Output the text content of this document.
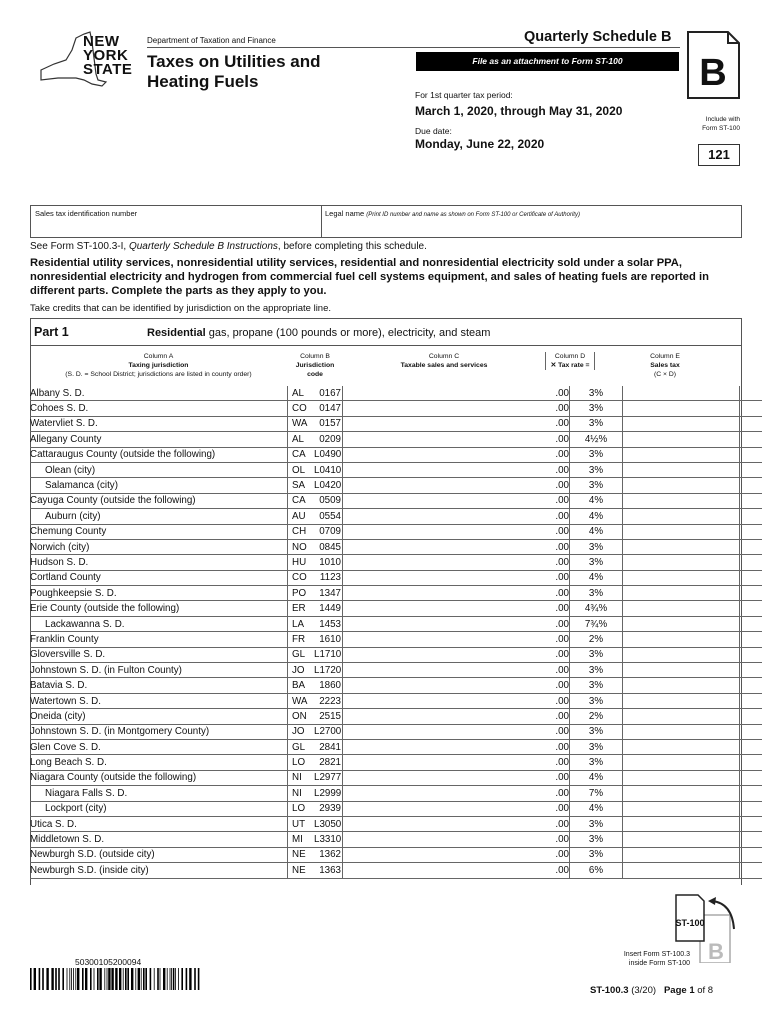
NEW
YORK
STATE
Department of Taxation and Finance
Taxes on Utilities and
Heating Fuels
Quarterly Schedule B
File as an attachment to Form ST-100	B
For 1st quarter tax period:
March 1, 2020, through May 31, 2020
Due date:
Monday, June 22, 2020
Include with
Form ST-100
121
Sales tax identification number	Legal name (Print ID number and name as shown on Form ST-100 or Certificate of Authority)
See Form ST-100.3-I, Quarterly Schedule B Instructions, before completing this schedule.
Residential utility services, nonresidential utility services, residential and nonresidential electricity sold under a solar PPA, nonresidential electricity and hydrogen from commercial fuel cell systems equipment, and sales of heating fuels are reported in different parts. Complete the parts as they apply to you.
Take credits that can be identified by jurisdiction on the appropriate line.
Part 1	Residential gas, propane (100 pounds or more), electricity, and steam
Column A
Taxing jurisdiction
(S. D. = School District; jurisdictions are listed in county order)
Column B
Jurisdiction
code
Column C
Taxable sales and services
Column D
✕ Tax rate =
Column E
Sales tax
(C × D)
Albany S. D.	AL 0167	.00	3%		
Cohoes S. D.	CO 0147	.00	3%		
Watervliet S. D.	WA 0157	.00	3%		
Allegany County	AL 0209	.00	4½%		
Cattaraugus County (outside the following)	CA L0490	.00	3%		
Olean (city)	OL L0410	.00	3%		
Salamanca (city)	SA L0420	.00	3%		
Cayuga County (outside the following)	CA 0509	.00	4%		
Auburn (city)	AU 0554	.00	4%		
Chemung County	CH 0709	.00	4%		
Norwich (city)	NO 0845	.00	3%		
Hudson S. D.	HU 1010	.00	3%		
Cortland County	CO 1123	.00	4%		
Poughkeepsie S. D.	PO 1347	.00	3%		
Erie County (outside the following)	ER 1449	.00	4¾%		
Lackawanna S. D.	LA 1453	.00	7¾%		
Franklin County	FR 1610	.00	2%		
Gloversville S. D.	GL L1710	.00	3%		
Johnstown S. D. (in Fulton County)	JO L1720	.00	3%		
Batavia S. D.	BA 1860	.00	3%		
Watertown S. D.	WA 2223	.00	3%		
Oneida (city)	ON 2515	.00	2%		
Johnstown S. D. (in Montgomery County)	JO L2700	.00	3%		
Glen Cove S. D.	GL 2841	.00	3%		
Long Beach S. D.	LO 2821	.00	3%		
Niagara County (outside the following)	NI L2977	.00	4%		
Niagara Falls S. D.	NI L2999	.00	7%		
Lockport (city)	LO 2939	.00	4%		
Utica S. D.	UT L3050	.00	3%		
Middletown S. D.	MI L3310	.00	3%		
Newburgh S.D. (outside city)	NE 1362	.00	3%		
Newburgh S.D. (inside city)	NE 1363	.00	6%		
B
ST-100
Insert Form ST-100.3
inside Form ST-100
50300105200094
ST-100.3 (3/20) Page 1 of 8
